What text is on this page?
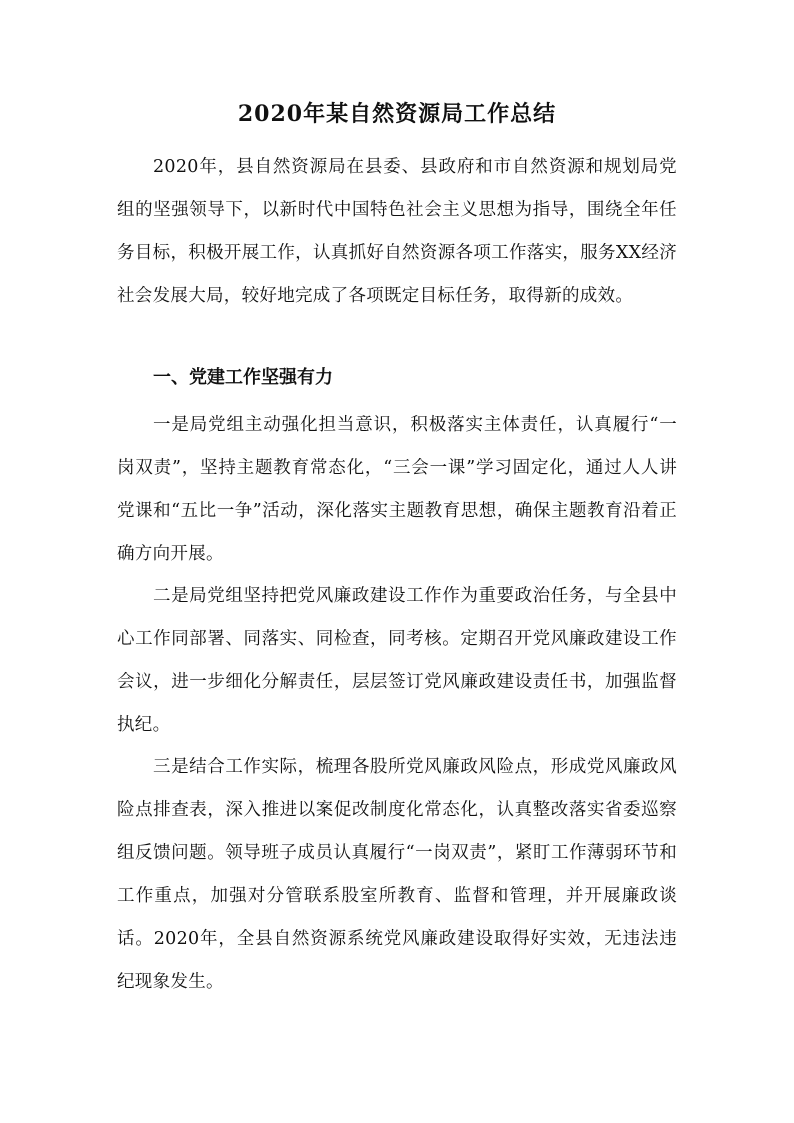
2020年某自然资源局工作总结

2020年，县自然资源局在县委、县政府和市自然资源和规划局党组的坚强领导下，以新时代中国特色社会主义思想为指导，围绕全年任务目标，积极开展工作，认真抓好自然资源各项工作落实，服务XX经济社会发展大局，较好地完成了各项既定目标任务，取得新的成效。

一、党建工作坚强有力

一是局党组主动强化担当意识，积极落实主体责任，认真履行“一岗双责”，坚持主题教育常态化，“三会一课”学习固定化，通过人人讲党课和“五比一争”活动，深化落实主题教育思想，确保主题教育沿着正确方向开展。

二是局党组坚持把党风廉政建设工作作为重要政治任务，与全县中心工作同部署、同落实、同检查，同考核。定期召开党风廉政建设工作会议，进一步细化分解责任，层层签订党风廉政建设责任书，加强监督执纪。

三是结合工作实际，梳理各股所党风廉政风险点，形成党风廉政风险点排查表，深入推进以案促改制度化常态化，认真整改落实省委巡察组反馈问题。领导班子成员认真履行“一岗双责”，紧盯工作薄弱环节和工作重点，加强对分管联系股室所教育、监督和管理，并开展廉政谈话。2020年，全县自然资源系统党风廉政建设取得好实效，无违法违纪现象发生。
